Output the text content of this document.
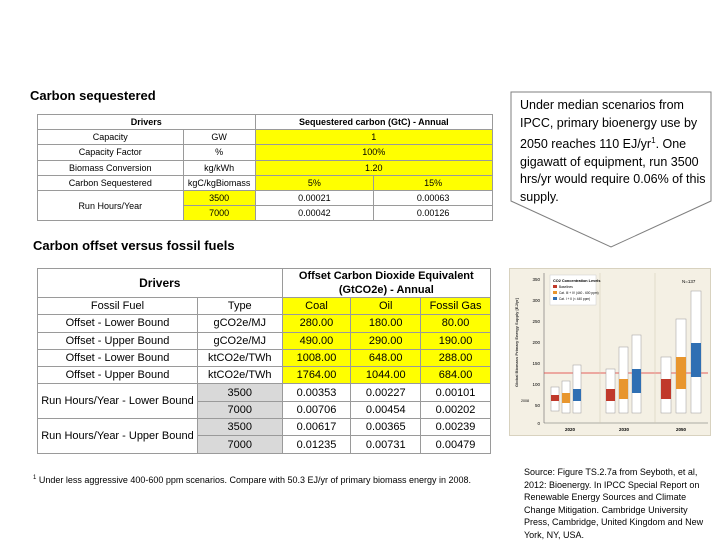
Carbon sequestered
Drivers		Sequestered carbon (GtC) - Annual	
Capacity	GW	1	
Capacity Factor	%	100%	
Biomass Conversion	kg/kWh	1.20	
Carbon Sequestered	kgC/kgBiomass	5%	15%
Run Hours/Year	3500	0.00021	0.00063
	7000	0.00042	0.00126
Carbon offset versus fossil fuels
Drivers		Offset Carbon Dioxide Equivalent
(GtCO2e) - Annual		

Fossil Fuel	Type	Coal	Oil	Fossil Gas
Offset - Lower Bound	gCO2e/MJ	280.00	180.00	80.00
Offset - Upper Bound	gCO2e/MJ	490.00	290.00	190.00
Offset - Lower Bound	ktCO2e/TWh	1008.00	648.00	288.00
Offset - Upper Bound	ktCO2e/TWh	1764.00	1044.00	684.00
Run Hours/Year - Lower Bound	3500	0.00353	0.00227	0.00101
	7000	0.00706	0.00454	0.00202
Run Hours/Year - Upper Bound	3500	0.00617	0.00365	0.00239
	7000	0.01235	0.00731	0.00479
Under median scenarios from IPCC, primary bioenergy use by 2050 reaches 110 $EJ/yr^1$. One gigawatt of equipment, run 3500 hrs/yr would require 0.06% of this supply.
Global Biomass Primary Energy Supply [EJ/yr]
350
300
250
200
150
100
50
0
2008
CO2 Concentration Levels
Baselines
Cat. III + IV (440 - 600 ppm)
Cat. I + II (< 440 ppm)
N=137
2020	2030	2050
Source: Figure TS.2.7a from Seyboth, et al, 2012: Bioenergy. In IPCC Special Report on Renewable Energy Sources and Climate Change Mitigation. Cambridge University Press, Cambridge, United Kingdom and New York, NY, USA.
$^1$ Under less aggressive 400-600 ppm scenarios. Compare with 50.3 EJ/yr of primary biomass energy in 2008.
